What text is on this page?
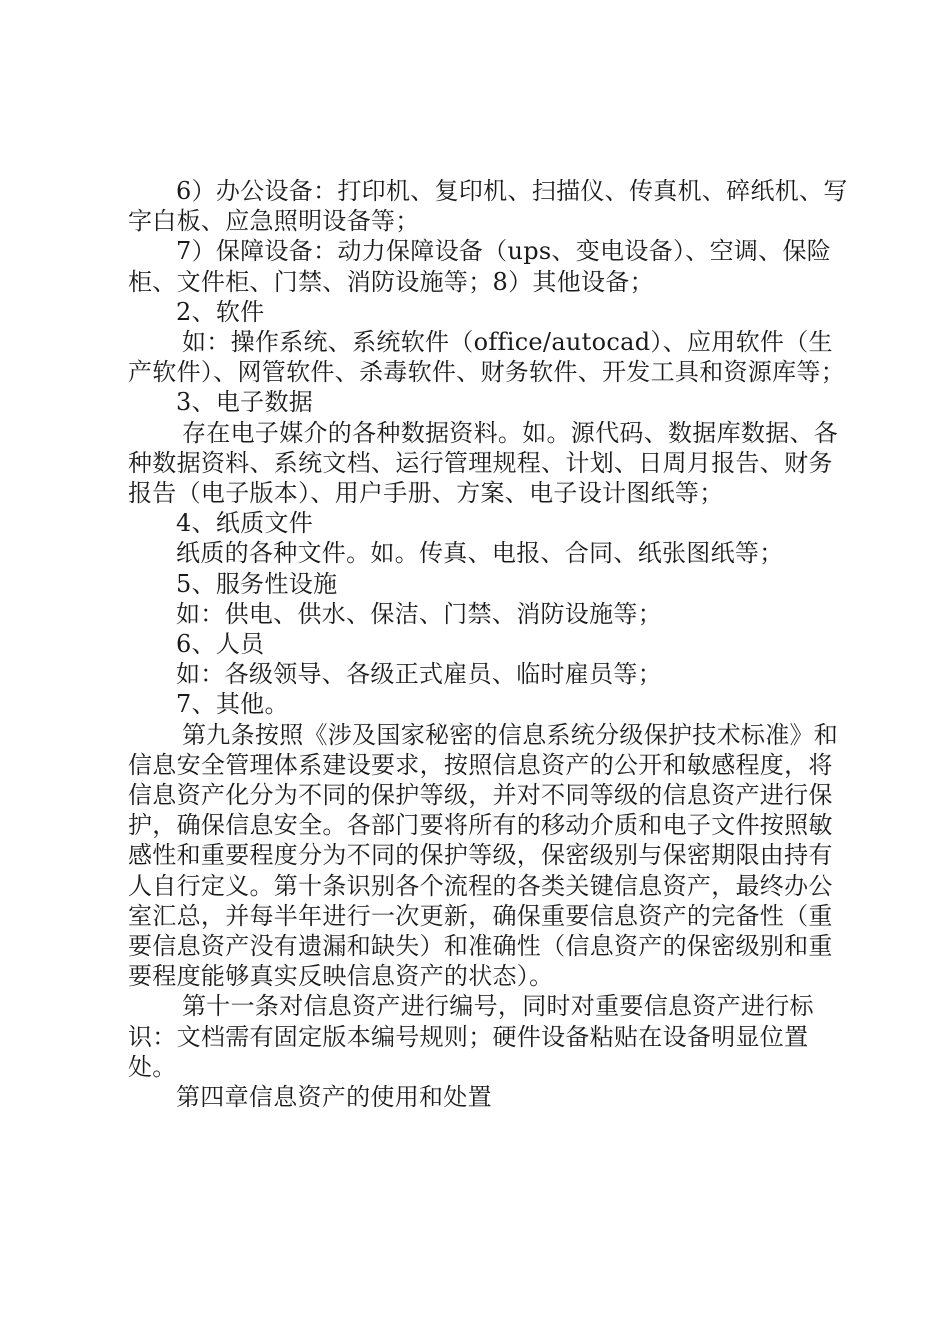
6）办公设备：打印机、复印机、扫描仪、传真机、碎纸机、写字白板、应急照明设备等；

7）保障设备：动力保障设备（ups、变电设备）、空调、保险柜、文件柜、门禁、消防设施等；8）其他设备；

2、软件

如：操作系统、系统软件（office/autocad）、应用软件（生产软件）、网管软件、杀毒软件、财务软件、开发工具和资源库等；

3、电子数据

存在电子媒介的各种数据资料。如。源代码、数据库数据、各种数据资料、系统文档、运行管理规程、计划、日周月报告、财务报告（电子版本）、用户手册、方案、电子设计图纸等；

4、纸质文件

纸质的各种文件。如。传真、电报、合同、纸张图纸等；

5、服务性设施

如：供电、供水、保洁、门禁、消防设施等；

6、人员

如：各级领导、各级正式雇员、临时雇员等；

7、其他。

第九条按照《涉及国家秘密的信息系统分级保护技术标准》和信息安全管理体系建设要求，按照信息资产的公开和敏感程度，将信息资产化分为不同的保护等级，并对不同等级的信息资产进行保护，确保信息安全。各部门要将所有的移动介质和电子文件按照敏感性和重要程度分为不同的保护等级，保密级别与保密期限由持有人自行定义。第十条识别各个流程的各类关键信息资产，最终办公室汇总，并每半年进行一次更新，确保重要信息资产的完备性（重要信息资产没有遗漏和缺失）和准确性（信息资产的保密级别和重要程度能够真实反映信息资产的状态）。

第十一条对信息资产进行编号，同时对重要信息资产进行标识：文档需有固定版本编号规则；硬件设备粘贴在设备明显位置处。

第四章信息资产的使用和处置
